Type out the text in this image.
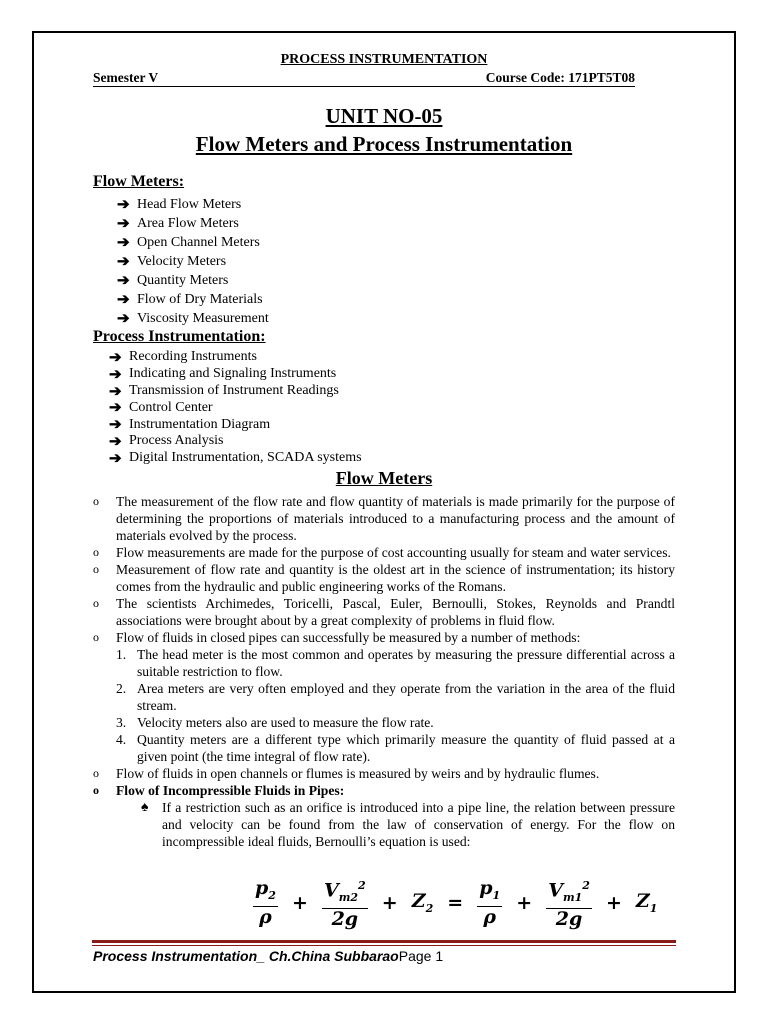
PROCESS INSTRUMENTATION
Semester V	Course Code: 171PT5T08
UNIT NO-05
Flow Meters and Process Instrumentation
Flow Meters:
➔ Head Flow Meters
➔ Area Flow Meters
➔ Open Channel Meters
➔ Velocity Meters
➔ Quantity Meters
➔ Flow of Dry Materials
➔ Viscosity Measurement
Process Instrumentation:
➔ Recording Instruments
➔ Indicating and Signaling Instruments
➔ Transmission of Instrument Readings
➔ Control Center
➔ Instrumentation Diagram
➔ Process Analysis
➔ Digital Instrumentation, SCADA systems
Flow Meters
o The measurement of the flow rate and flow quantity of materials is made primarily for the purpose of determining the proportions of materials introduced to a manufacturing process and the amount of materials evolved by the process.

o Flow measurements are made for the purpose of cost accounting usually for steam and water services.

o Measurement of flow rate and quantity is the oldest art in the science of instrumentation; its history comes from the hydraulic and public engineering works of the Romans.

o The scientists Archimedes, Toricelli, Pascal, Euler, Bernoulli, Stokes, Reynolds and Prandtl associations were brought about by a great complexity of problems in fluid flow.

o Flow of fluids in closed pipes can successfully be measured by a number of methods:

1. The head meter is the most common and operates by measuring the pressure differential across a suitable restriction to flow.

2. Area meters are very often employed and they operate from the variation in the area of the fluid stream.

3. Velocity meters also are used to measure the flow rate.

4. Quantity meters are a different type which primarily measure the quantity of fluid passed at a given point (the time integral of flow rate).

o Flow of fluids in open channels or flumes is measured by weirs and by hydraulic flumes.

o Flow of Incompressible Fluids in Pipes:

♠ If a restriction such as an orifice is introduced into a pipe line, the relation between pressure and velocity can be found from the law of conservation of energy. For the flow on incompressible ideal fluids, Bernoulli’s equation is used:

$\frac{p_2}{\rho} + \frac{V_{m2}^2}{2g} + Z_2 = \frac{p_1}{\rho} + \frac{V_{m1}^2}{2g} + Z_1$
Process Instrumentation_ Ch.China SubbaraoPage 1
